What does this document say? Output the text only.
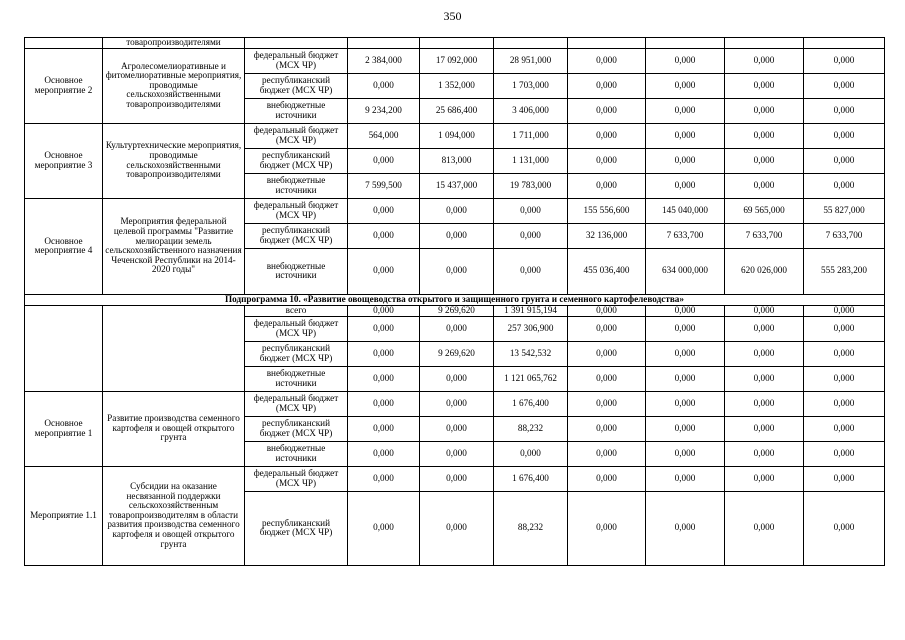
350
	товаропроизводителями								
Основное мероприятие 2	Агролесомелиоративные и фитомелиоративные мероприятия, проводимые сельскохозяйственными товаропроизводителями	федеральный бюджет (МСХ ЧР)	2 384,000	17 092,000	28 951,000	0,000	0,000	0,000	0,000
		республиканский бюджет (МСХ ЧР)	0,000	1 352,000	1 703,000	0,000	0,000	0,000	0,000
		внебюджетные источники	9 234,200	25 686,400	3 406,000	0,000	0,000	0,000	0,000
Основное мероприятие 3	Культуртехнические мероприятия, проводимые сельскохозяйственными товаропроизводителями	федеральный бюджет (МСХ ЧР)	564,000	1 094,000	1 711,000	0,000	0,000	0,000	0,000
		республиканский бюджет (МСХ ЧР)	0,000	813,000	1 131,000	0,000	0,000	0,000	0,000
		внебюджетные источники	7 599,500	15 437,000	19 783,000	0,000	0,000	0,000	0,000
Основное мероприятие 4	Мероприятия федеральной целевой программы "Развитие мелиорации земель сельскохозяйственного назначения Чеченской Республики на 2014-2020 годы"	федеральный бюджет (МСХ ЧР)	0,000	0,000	0,000	155 556,600	145 040,000	69 565,000	55 827,000
		республиканский бюджет (МСХ ЧР)	0,000	0,000	0,000	32 136,000	7 633,700	7 633,700	7 633,700
		внебюджетные источники	0,000	0,000	0,000	455 036,400	634 000,000	620 026,000	555 283,200
Подпрограмма 10. «Развитие овощеводства открытого и защищенного грунта и семенного картофелеводства»									
		всего	0,000	9 269,620	1 391 915,194	0,000	0,000	0,000	0,000
		федеральный бюджет (МСХ ЧР)	0,000	0,000	257 306,900	0,000	0,000	0,000	0,000
		республиканский бюджет (МСХ ЧР)	0,000	9 269,620	13 542,532	0,000	0,000	0,000	0,000
		внебюджетные источники	0,000	0,000	1 121 065,762	0,000	0,000	0,000	0,000
Основное мероприятие 1	Развитие производства семенного картофеля и овощей открытого грунта	федеральный бюджет (МСХ ЧР)	0,000	0,000	1 676,400	0,000	0,000	0,000	0,000
		республиканский бюджет (МСХ ЧР)	0,000	0,000	88,232	0,000	0,000	0,000	0,000
		внебюджетные источники	0,000	0,000	0,000	0,000	0,000	0,000	0,000
Мероприятие 1.1	Субсидии на оказание несвязанной поддержки сельскохозяйственным товаропроизводителям в области развития производства семенного картофеля и овощей открытого грунта	федеральный бюджет (МСХ ЧР)	0,000	0,000	1 676,400	0,000	0,000	0,000	0,000
		республиканский бюджет (МСХ ЧР)	0,000	0,000	88,232	0,000	0,000	0,000	0,000
